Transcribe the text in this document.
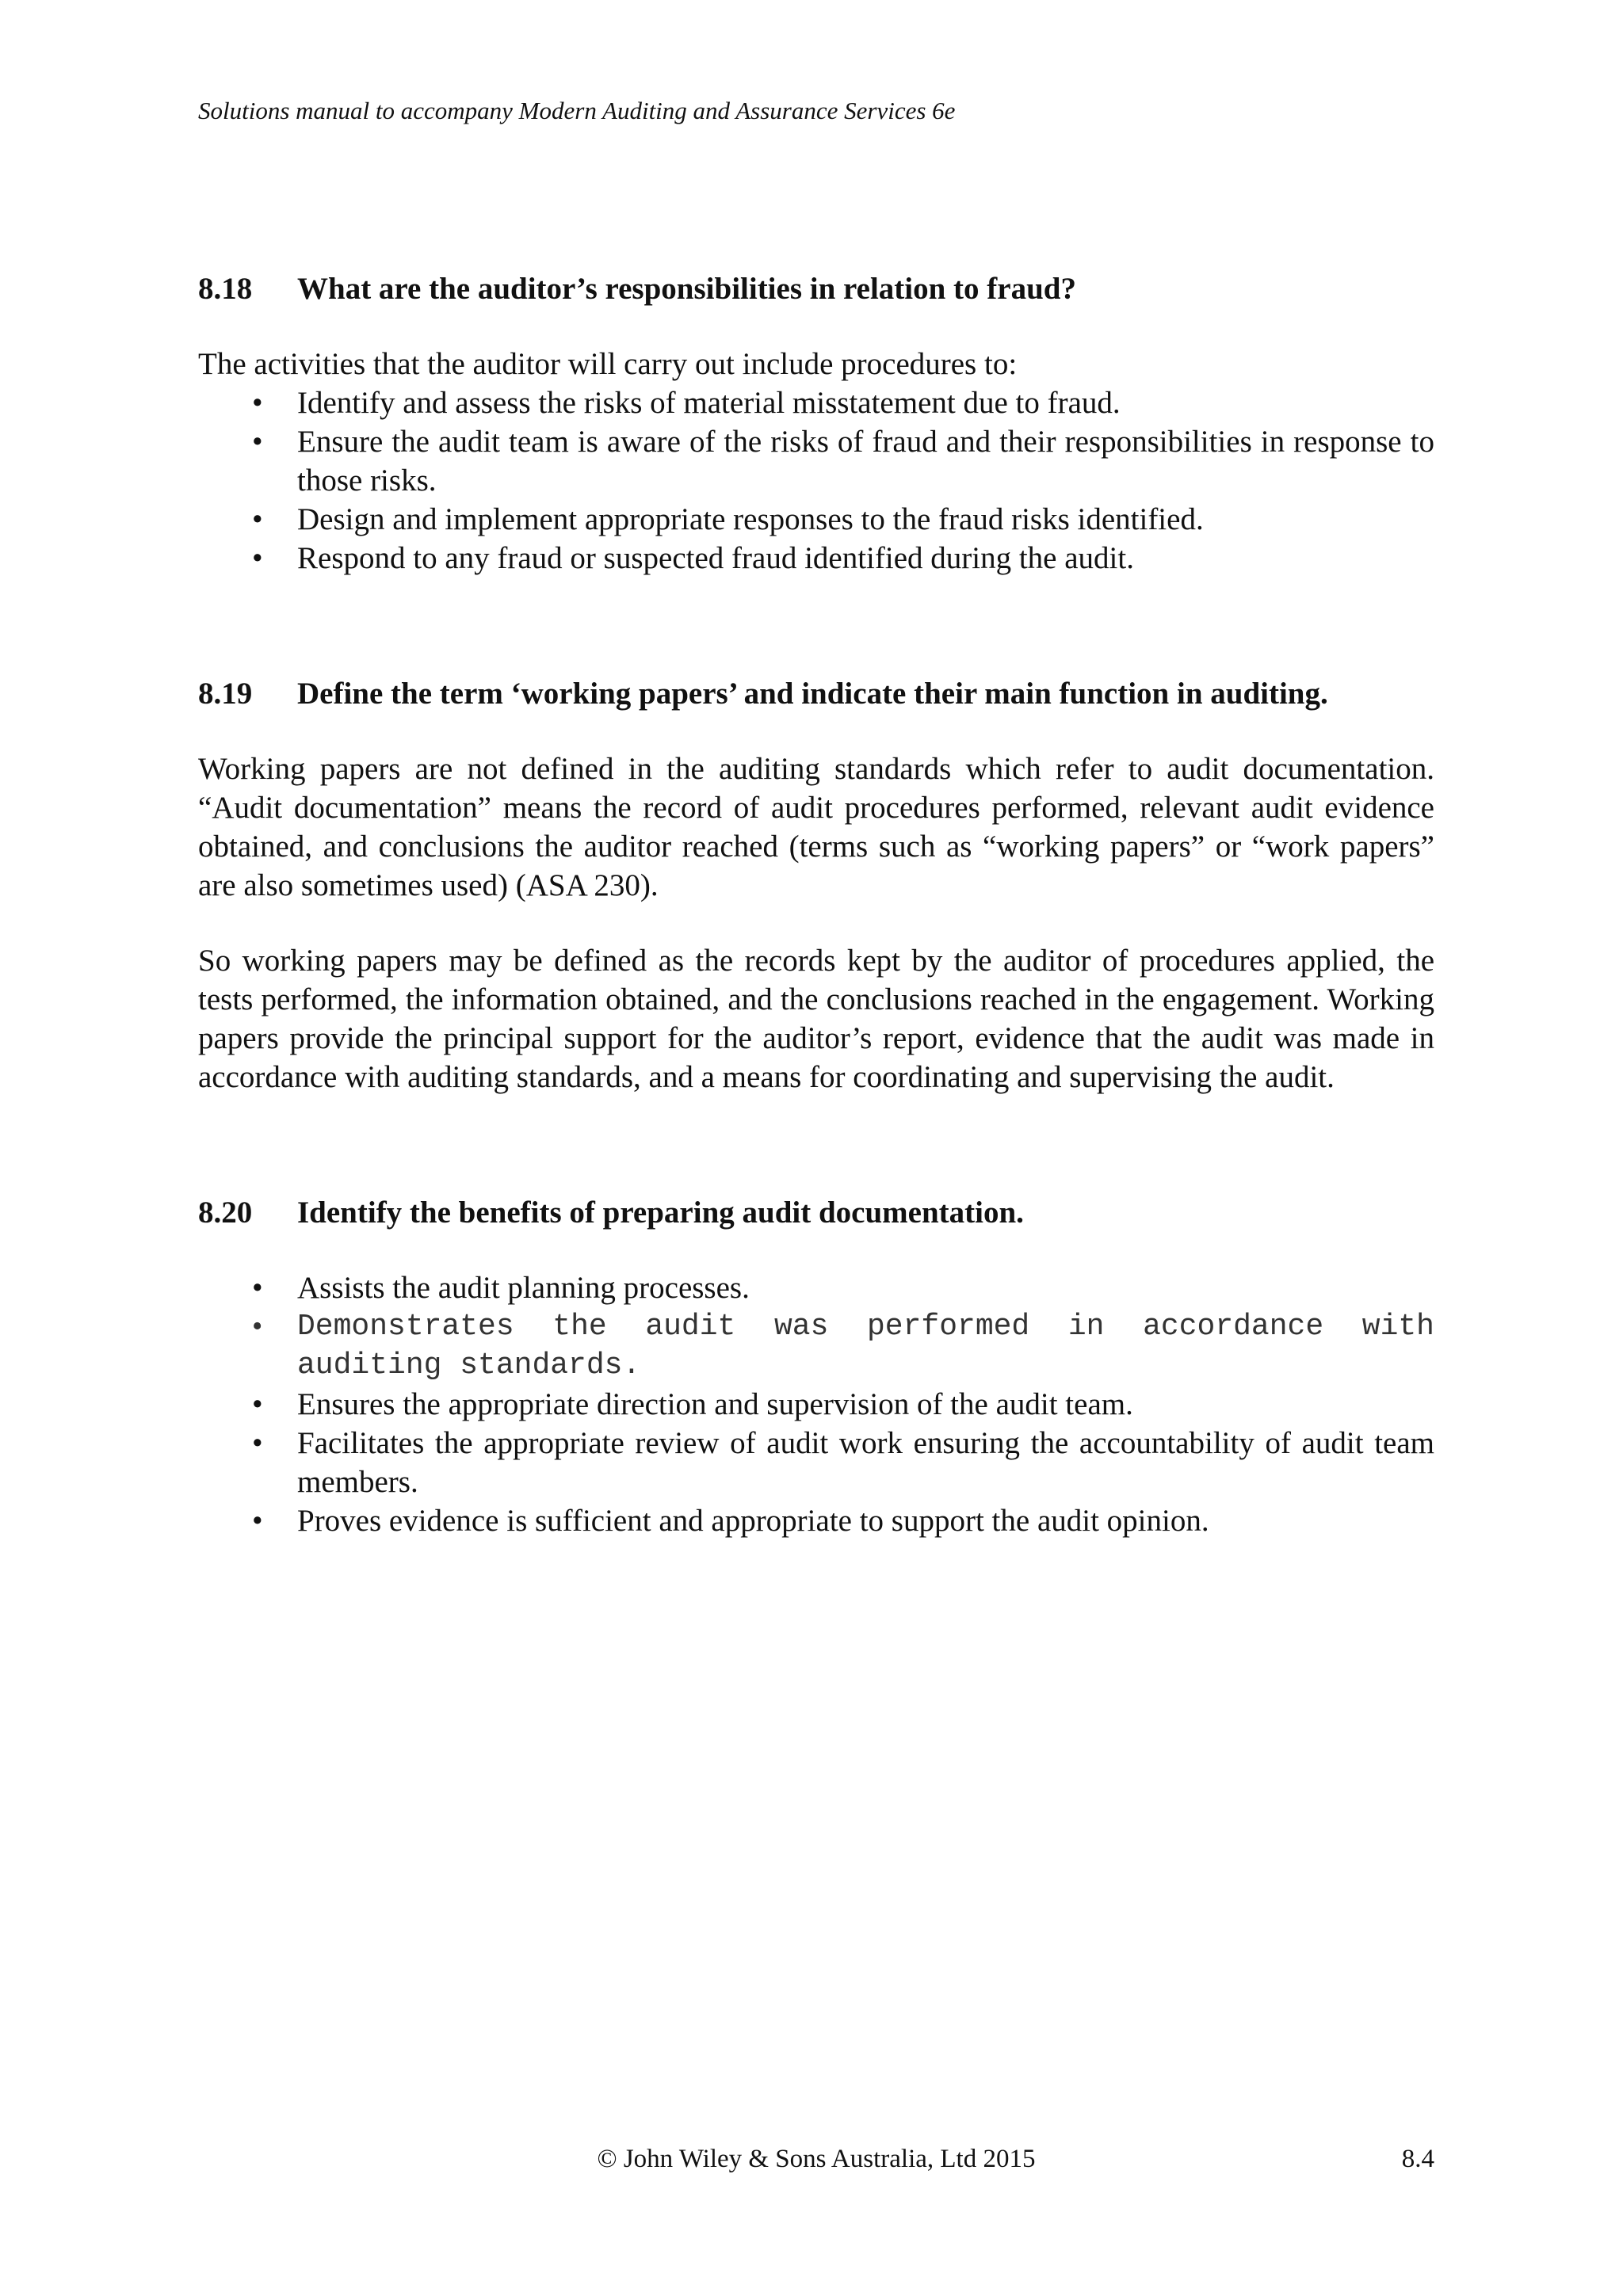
Solutions manual to accompany Modern Auditing and Assurance Services 6e
8.18	What are the auditor’s responsibilities in relation to fraud?

The activities that the auditor will carry out include procedures to:

• Identify and assess the risks of material misstatement due to fraud.
• Ensure the audit team is aware of the risks of fraud and their responsibilities in response to those risks.
• Design and implement appropriate responses to the fraud risks identified.
• Respond to any fraud or suspected fraud identified during the audit.
8.19	Define the term ‘working papers’ and indicate their main function in auditing.

Working papers are not defined in the auditing standards which refer to audit documentation. “Audit documentation” means the record of audit procedures performed, relevant audit evidence obtained, and conclusions the auditor reached (terms such as “working papers” or “work papers” are also sometimes used) (ASA 230).

So working papers may be defined as the records kept by the auditor of procedures applied, the tests performed, the information obtained, and the conclusions reached in the engagement. Working papers provide the principal support for the auditor’s report, evidence that the audit was made in accordance with auditing standards, and a means for coordinating and supervising the audit.

8.20	Identify the benefits of preparing audit documentation.
• Assists the audit planning processes.
• Demonstrates the audit was performed in accordance with auditing standards.
• Ensures the appropriate direction and supervision of the audit team.
• Facilitates the appropriate review of audit work ensuring the accountability of audit team members.
• Proves evidence is sufficient and appropriate to support the audit opinion.
© John Wiley & Sons Australia, Ltd 2015	8.4
